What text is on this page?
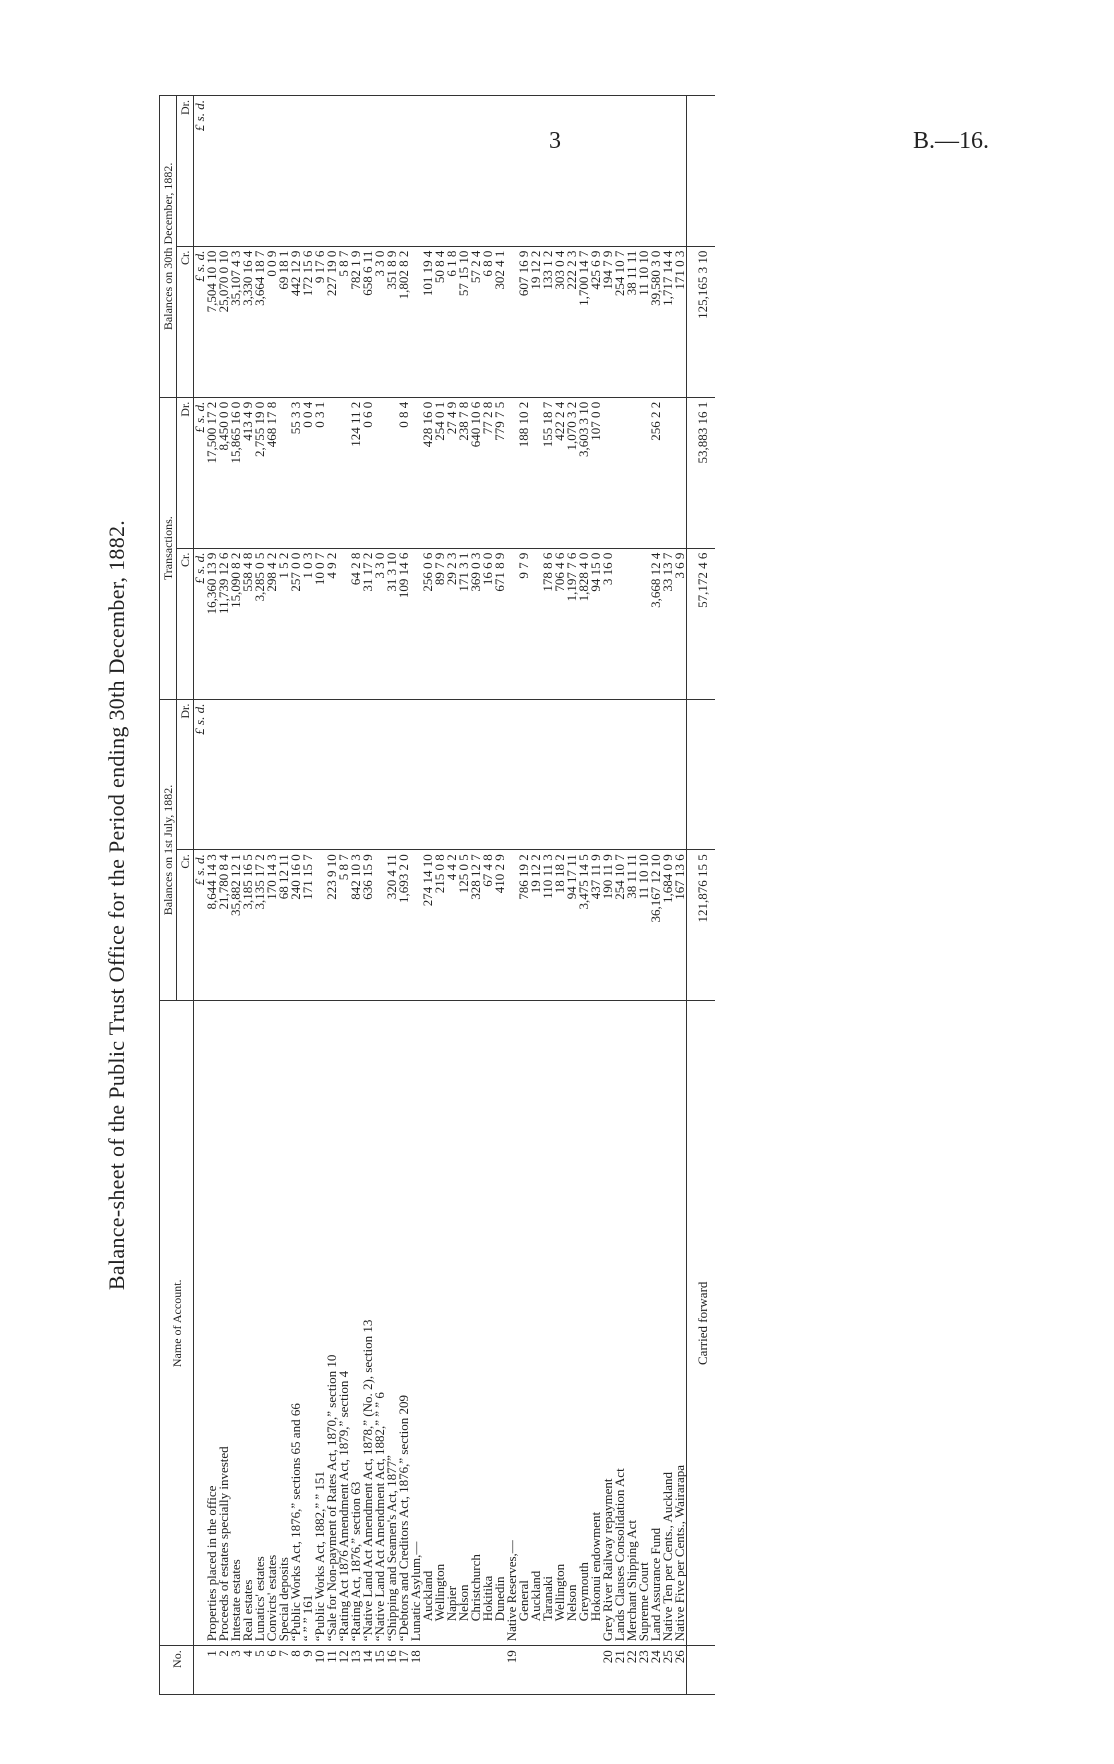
3	B.—16.
Balance-sheet of the Public Trust Office for the Period ending 30th December, 1882.
No.	Name of Account.	Balances on 1st July, 1882.		Transactions.		Balances on 30th December, 1882.	
		Cr.	Dr.	Cr.	Dr.	Cr.	Dr.
		£ s. d.	£ s. d.	£ s. d.	£ s. d.	£ s. d.	£ s. d.
1	Properties placed in the office	8,644 14 3		16,360 13 9	17,500 17 2	7,504 10 10	
2	Proceeds of estates specially invested	21,780 8 4		11,739 12 6	8,450 0 0	25,070 0 10	
3	Intestate estates	35,882 12 1		15,090 8 2	15,865 16 0	35,107 4 3	
4	Real estates	3,185 16 5		558 4 8	413 4 9	3,330 16 4	
5	Lunatics' estates	3,135 17 2		3,285 0 5	2,755 19 0	3,664 18 7	
6	Convicts' estates	170 14 3		298 4 2	468 17 8	0 0 9	
7	Special deposits	68 12 11		1 5 2		69 18 1	
8	“Public Works Act, 1876,” sections 65 and 66	240 16 0		257 0 0	55 3 3	442 12 9	
9	“ ” ” 161	171 15 7		1 0 3	0 0 4	172 15 6	
10	“Public Works Act, 1882,” ” 151			10 0 7	0 3 1	9 17 6	
11	“Sale for Non-payment of Rates Act, 1870,” section 10	223 9 10		4 9 2		227 19 0	
12	“Rating Act 1876 Amendment Act, 1879,” section 4	5 8 7				5 8 7	
13	“Rating Act, 1876,” section 63	842 10 3		64 2 8	124 11 2	782 1 9	
14	“Native Land Act Amendment Act, 1878,” (No. 2), section 13	636 15 9		31 17 2	0 6 0	658 6 11	
15	“Native Land Act Amendment Act, 1882,” ” ” 6			3 3 0		3 3 0	
16	“Shipping and Seamen's Act, 1877”	320 4 11		31 3 10		351 8 9	
17	“Debtors and Creditors Act, 1876,” section 209	1,693 2 0		109 14 6	0 8 4	1,802 8 2	
18	Lunatic Asylum,—						
	Auckland	274 14 10		256 0 6	428 16 0	101 19 4	
	Wellington	215 0 8		89 7 9	254 0 1	50 8 4	
	Napier	4 4 2		29 2 3	27 4 9	6 1 8	
	Nelson	125 0 5		171 3 1	238 7 8	57 15 10	
	Christchurch	328 12 7		369 0 3	640 10 6	57 2 4	
	Hokitika	67 4 8		16 6 0	77 2 8	6 8 0	
	Dunedin	410 2 9		671 8 9	779 7 5	302 4 1	
19	Native Reserves,—						
	General	786 19 2		9 7 9	188 10 2	607 16 9	
	Auckland	19 12 2				19 12 2	
	Taranaki	110 11 3		178 8 6	155 18 7	133 1 2	
	Wellington	18 18 2		706 4 6	422 2 4	303 0 4	
	Nelson	94 17 11		1,197 7 6	1,070 3 2	222 2 3	
	Greymouth	3,475 14 5		1,828 4 0	3,603 3 10	1,700 14 7	
	Hokonui endowment	437 11 9		94 15 0	107 0 0	425 6 9	
20	Grey River Railway repayment	190 11 9		3 16 0		194 7 9	
21	Lands Clauses Consolidation Act	254 10 7				254 10 7	
22	Merchant Shipping Act	38 11 11				38 11 11	
23	Supreme Court	11 10 10				11 10 10	
24	Land Assurance Fund	36,167 12 10		3,668 12 4	256 2 2	39,580 3 0	
25	Native Ten per Cents., Auckland	1,684 0 9		33 13 7		1,717 14 4	
26	Native Five per Cents., Wairarapa	167 13 6		3 6 9		171 0 3	
	Carried forward	121,876 15 5		57,172 4 6	53,883 16 1	125,165 3 10	
